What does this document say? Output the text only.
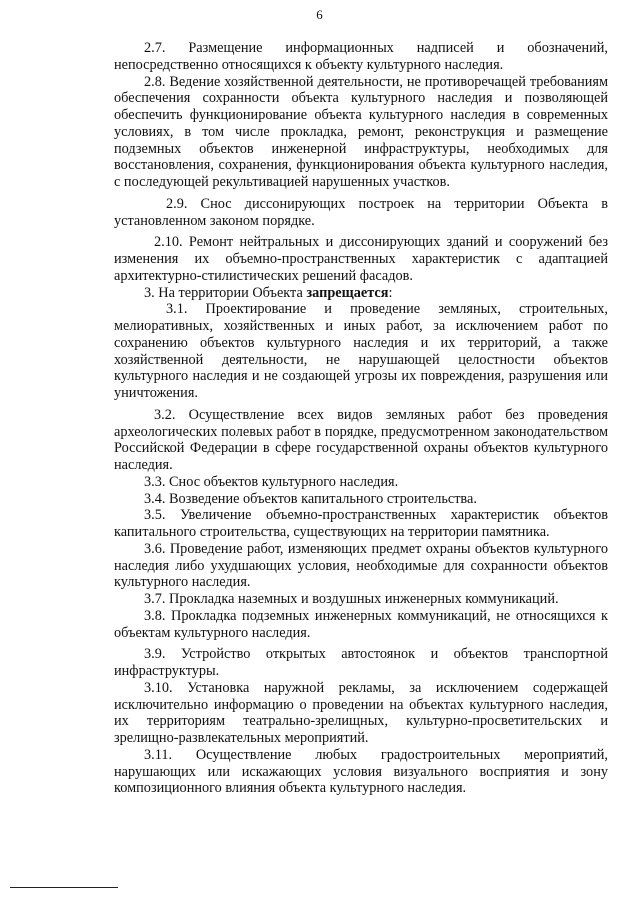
6

2.7. Размещение информационных надписей и обозначений, непосредственно относящихся к объекту культурного наследия.

2.8. Ведение хозяйственной деятельности, не противоречащей требованиям обеспечения сохранности объекта культурного наследия и позволяющей обеспечить функционирование объекта культурного наследия в современных условиях, в том числе прокладка, ремонт, реконструкция и размещение подземных объектов инженерной инфраструктуры, необходимых для восстановления, сохранения, функционирования объекта культурного наследия, с последующей рекультивацией нарушенных участков.

2.9. Снос диссонирующих построек на территории Объекта в установленном законом порядке.

2.10. Ремонт нейтральных и диссонирующих зданий и сооружений без изменения их объемно-пространственных характеристик с адаптацией архитектурно-стилистических решений фасадов.

3. На территории Объекта запрещается:

3.1. Проектирование и проведение земляных, строительных, мелиоративных, хозяйственных и иных работ, за исключением работ по сохранению объектов культурного наследия и их территорий, а также хозяйственной деятельности, не нарушающей целостности объектов культурного наследия и не создающей угрозы их повреждения, разрушения или уничтожения.

3.2. Осуществление всех видов земляных работ без проведения археологических полевых работ в порядке, предусмотренном законодательством Российской Федерации в сфере государственной охраны объектов культурного наследия.

3.3. Снос объектов культурного наследия.

3.4. Возведение объектов капитального строительства.

3.5. Увеличение объемно-пространственных характеристик объектов капитального строительства, существующих на территории памятника.

3.6. Проведение работ, изменяющих предмет охраны объектов культурного наследия либо ухудшающих условия, необходимые для сохранности объектов культурного наследия.

3.7. Прокладка наземных и воздушных инженерных коммуникаций.

3.8. Прокладка подземных инженерных коммуникаций, не относящихся к объектам культурного наследия.

3.9. Устройство открытых автостоянок и объектов транспортной инфраструктуры.

3.10. Установка наружной рекламы, за исключением содержащей исключительно информацию о проведении на объектах культурного наследия, их территориям театрально-зрелищных, культурно-просветительских и зрелищно-развлекательных мероприятий.

3.11. Осуществление любых градостроительных мероприятий, нарушающих или искажающих условия визуального восприятия и зону композиционного влияния объекта культурного наследия.
